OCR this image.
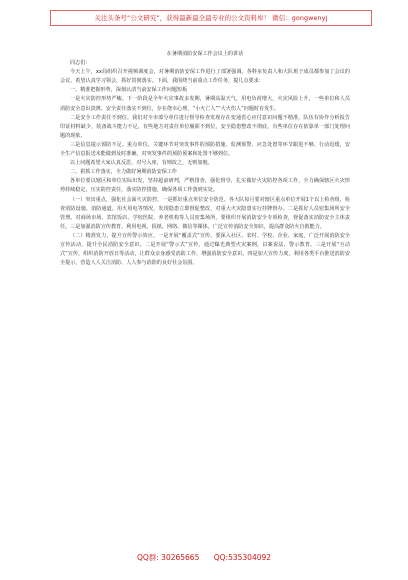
关注头条号“公文研究”，获得最新最全最专业的公文资料库！ 微信：gongwenyj

在暑期消防安保工作会议上的讲话

同志们：

今天上午，xx局组织召开视频调度会，对暑期消防安保工作进行了部署强调。各科室负责人和大队班子成员都参加了会议的会议，希望认真学习领会、抓好贯彻落实。下面，我围绕当前重点工作任务，提几点要求：

一、精准把握形势，深刻认清当前安保工作问题短板

一是火灾防控形势严峻。下一阶段是全年火灾事故多发期，暑期高温天气，用电负荷增大，火灾风险上升，一些单位和人员消防安全意识淡薄、安全责任落实不到位，存在侥幸心理，“小火亡人”“大火伤人”问题时有发生。

二是安全工作责任不到位。我们对全市部分单位进行督导检查发现存在变通省心应付意识问题不精准，队伍有协作分析报告印证材料缺少，装备战斗能力不足，有些地方对责任单位履职不到位，安全隐患整改不彻底，有些单位存在依靠单一部门处理问题的现象。

三是信息提示预防不足。重点单位、关键环节对突发事件的预防措施、监测预警、应急处置等环节跟进不够、行动迟缓，安全生产信息报送未能做到及时准确，对突发事件的预防预案和处置不够到位。

以上问题希望大家认真反思，对号入座，有则改之，无则加勉。

二、狠抓工作落实，全力做好暑期消防安保工作

各单位要以辖区和单位实际出发，坚持超前研判，严格排查，强化督导，扎实做好火灾防控各项工作，全力确保辖区火灾形势持续稳定，压实防控责任，落实防控措施，确保各项工作落到实处。

（一）突出重点，强化社会面火灾防控。一是抓好重点单位安全防范。各大队每月要对辖区重点单位开展1个以上检查组，检查消防设施、消防通道、用火用电等情况，发现隐患立即督促整改，对重大火灾隐患实行挂牌督办。二是抓好人员密集场所安全管理。对商场市场、宾馆饭店、学校医院、养老机构等人员密集场所，要组织开展消防安全专项检查，督促落实消防安全主体责任。三是加强消防宣传教育。利用电视、报纸、网络、微信等媒体，广泛宣传消防安全知识，提高群众防火自救能力。

（二）精准发力，提升宣传警示效应。一是开展“覆盖式”宣传，要深入社区、农村、学校、企业、家庭，广泛开展消防安全宣传活动，提升全民消防安全意识。二是开展“警示式”宣传，通过曝光典型火灾案例，以案说法，警示教育。三是开展“互动式”宣传，组织消防开放日等活动，让群众亲身感受消防工作，增强消防安全意识。四是加大宣传力度，利用各类平台推送消防安全提示，营造人人关注消防、人人参与消防的良好社会氛围。

QQ群: 30265665 QQ:535304092
